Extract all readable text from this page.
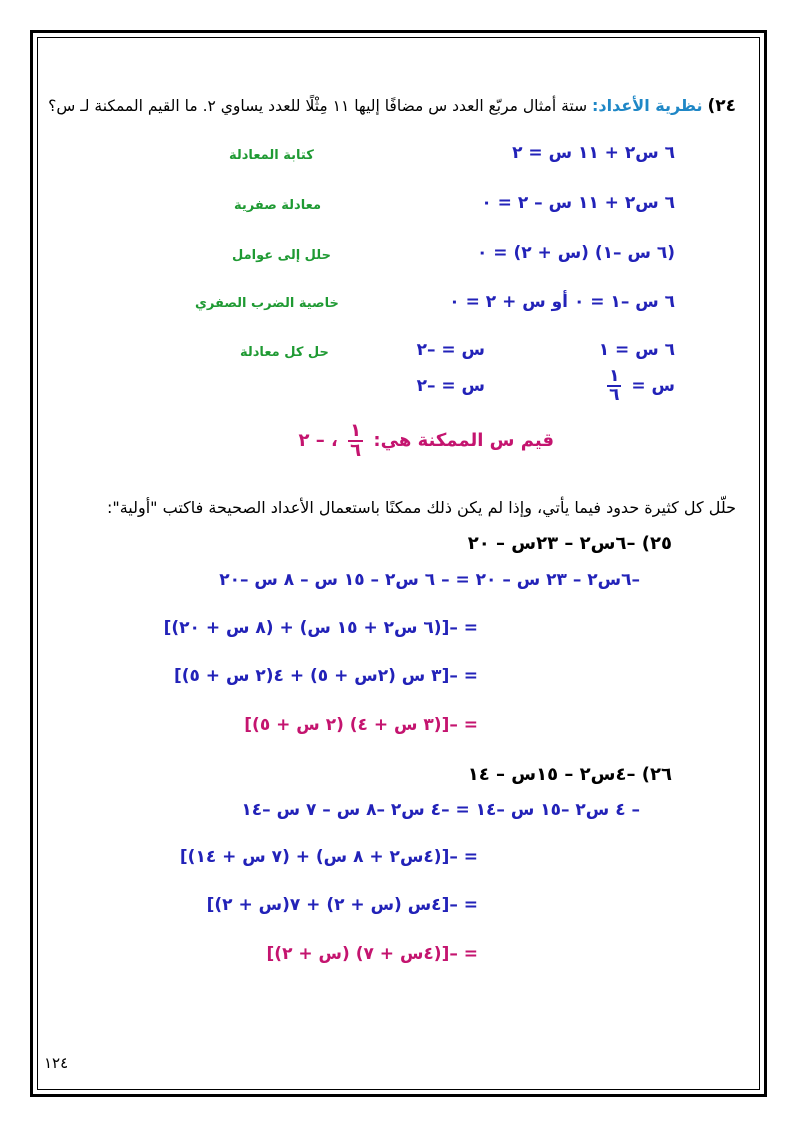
٢٤) نظرية الأعداد: ستة أمثال مربّع العدد س مضافًا إليها ١١ مِثْلًا للعدد يساوي ٢. ما القيم الممكنة لـ س؟
٦ س٢ + ١١ س = ٢
كتابة المعادلة
٦ س٢ + ١١ س – ٢ = ٠
معادلة صفرية
(٦ س –١) (س + ٢) = ٠
حلل إلى عوامل
٦ س –١ = ٠ أو س + ٢ = ٠
خاصية الضرب الصفري
٦ س = ١
س = –٢
حل كل معادلة
س =
$\frac{١}{٦}$
س = –٢
قيم س الممكنة هي:
$\frac{١}{٦}$
، – ٢
حلّل كل كثيرة حدود فيما يأتي، وإذا لم يكن ذلك ممكنًا باستعمال الأعداد الصحيحة فاكتب "أولية":
٢٥) –٦س٢ – ٢٣س – ٢٠
–٦س٢ – ٢٣ س – ٢٠ = – ٦ س٢ – ١٥ س – ٨ س –٢٠
= –[(٦ س٢ + ١٥ س) + (٨ س + ٢٠)]
= –[٣ س (٢س + ٥) + ٤(٢ س + ٥)]
= –[(٣ س + ٤) (٢ س + ٥)]
٢٦) –٤س٢ – ١٥س – ١٤
– ٤ س٢ –١٥ س –١٤ = –٤ س٢ –٨ س – ٧ س –١٤
= –[(٤س٢ + ٨ س) + (٧ س + ١٤)]
= –[٤س (س + ٢) + ٧(س + ٢)]
= –[(٤س + ٧) (س + ٢)]
١٢٤
